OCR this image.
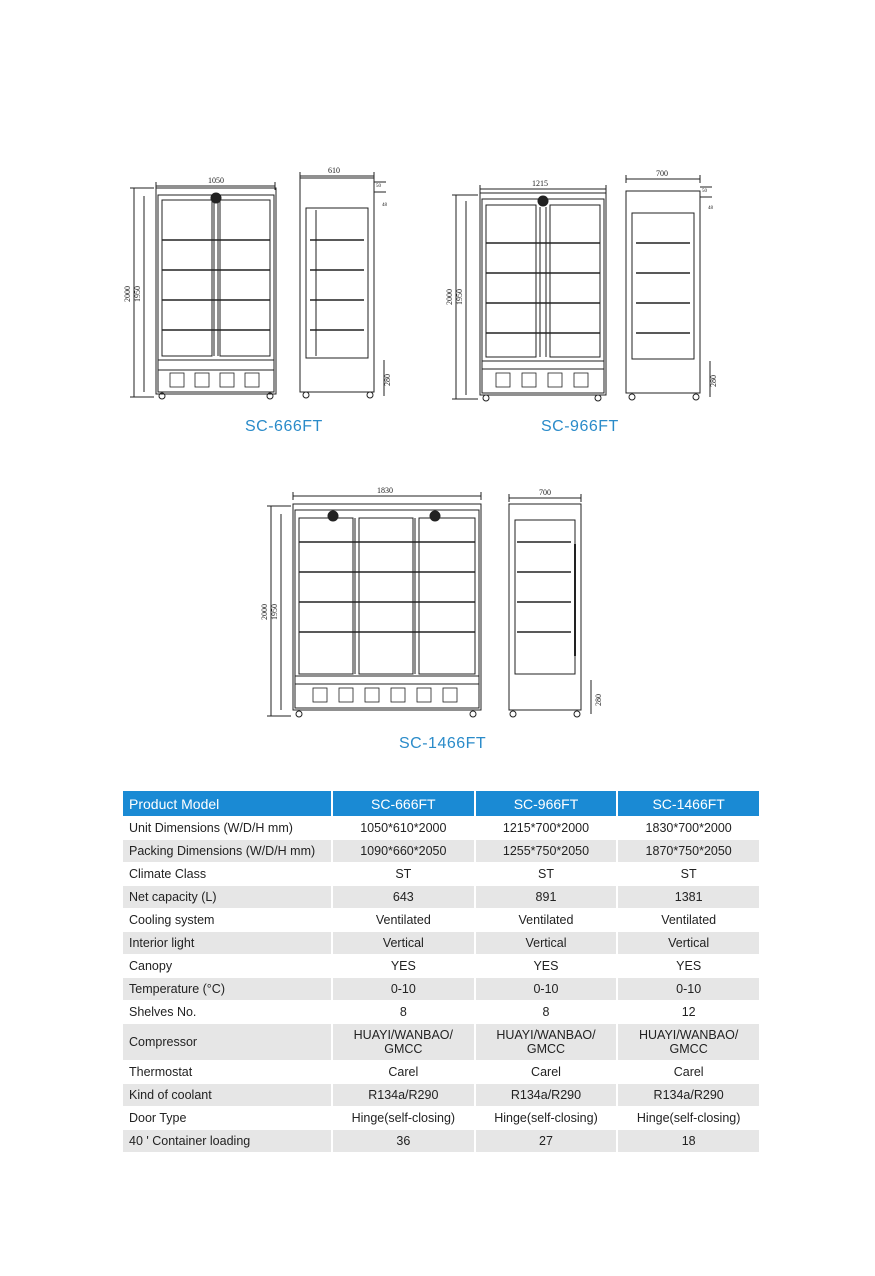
1050
2000 1950
610
50
48
280
SC-666FT
1215
2000 1950
700
50
48
280
SC-966FT
1830
2000 1950
700
280
SC-1466FT
Product Model	SC-666FT	SC-966FT	SC-1466FT
Unit Dimensions (W/D/H mm)	1050*610*2000	1215*700*2000	1830*700*2000
Packing Dimensions (W/D/H mm)	1090*660*2050	1255*750*2050	1870*750*2050
Climate Class	ST	ST	ST
Net capacity (L)	643	891	1381
Cooling system	Ventilated	Ventilated	Ventilated
Interior light	Vertical	Vertical	Vertical
Canopy	YES	YES	YES
Temperature (°C)	0-10	0-10	0-10
Shelves No.	8	8	12
Compressor	HUAYI/WANBAO/ GMCC	HUAYI/WANBAO/ GMCC	HUAYI/WANBAO/ GMCC
Thermostat	Carel	Carel	Carel
Kind of coolant	R134a/R290	R134a/R290	R134a/R290
Door Type	Hinge(self-closing)	Hinge(self-closing)	Hinge(self-closing)
40 ' Container loading	36	27	18
